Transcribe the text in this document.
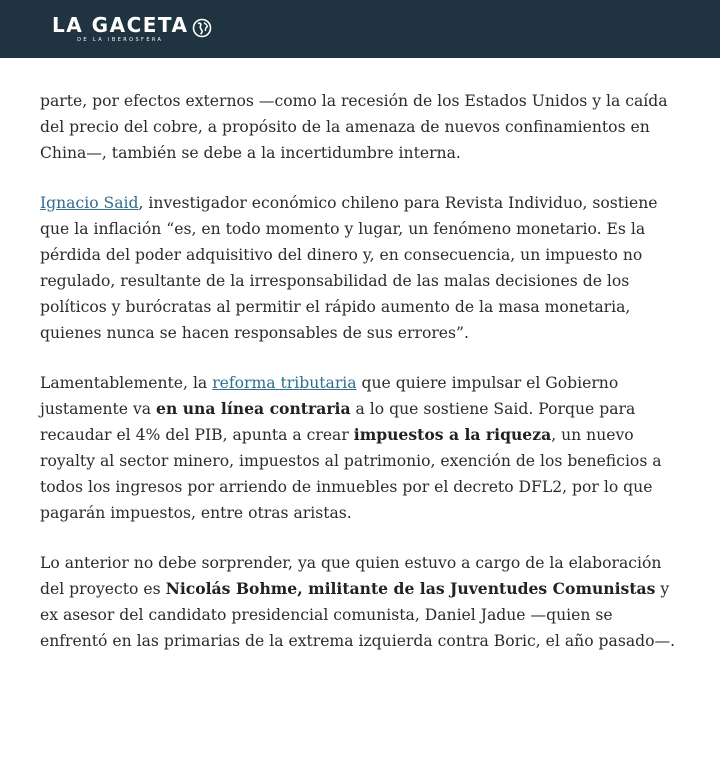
LA GACETA
DE LA IBEROSFERA

parte, por efectos externos —como la recesión de los Estados Unidos y la caída del precio del cobre, a propósito de la amenaza de nuevos confinamientos en China—, también se debe a la incertidumbre interna.

Ignacio Said, investigador económico chileno para Revista Individuo, sostiene que la inflación “es, en todo momento y lugar, un fenómeno monetario. Es la pérdida del poder adquisitivo del dinero y, en consecuencia, un impuesto no regulado, resultante de la irresponsabilidad de las malas decisiones de los políticos y burócratas al permitir el rápido aumento de la masa monetaria, quienes nunca se hacen responsables de sus errores”.

Lamentablemente, la reforma tributaria que quiere impulsar el Gobierno justamente va en una línea contraria a lo que sostiene Said. Porque para recaudar el 4% del PIB, apunta a crear impuestos a la riqueza, un nuevo royalty al sector minero, impuestos al patrimonio, exención de los beneficios a todos los ingresos por arriendo de inmuebles por el decreto DFL2, por lo que pagarán impuestos, entre otras aristas.

Lo anterior no debe sorprender, ya que quien estuvo a cargo de la elaboración del proyecto es Nicolás Bohme, militante de las Juventudes Comunistas y ex asesor del candidato presidencial comunista, Daniel Jadue —quien se enfrentó en las primarias de la extrema izquierda contra Boric, el año pasado—.
